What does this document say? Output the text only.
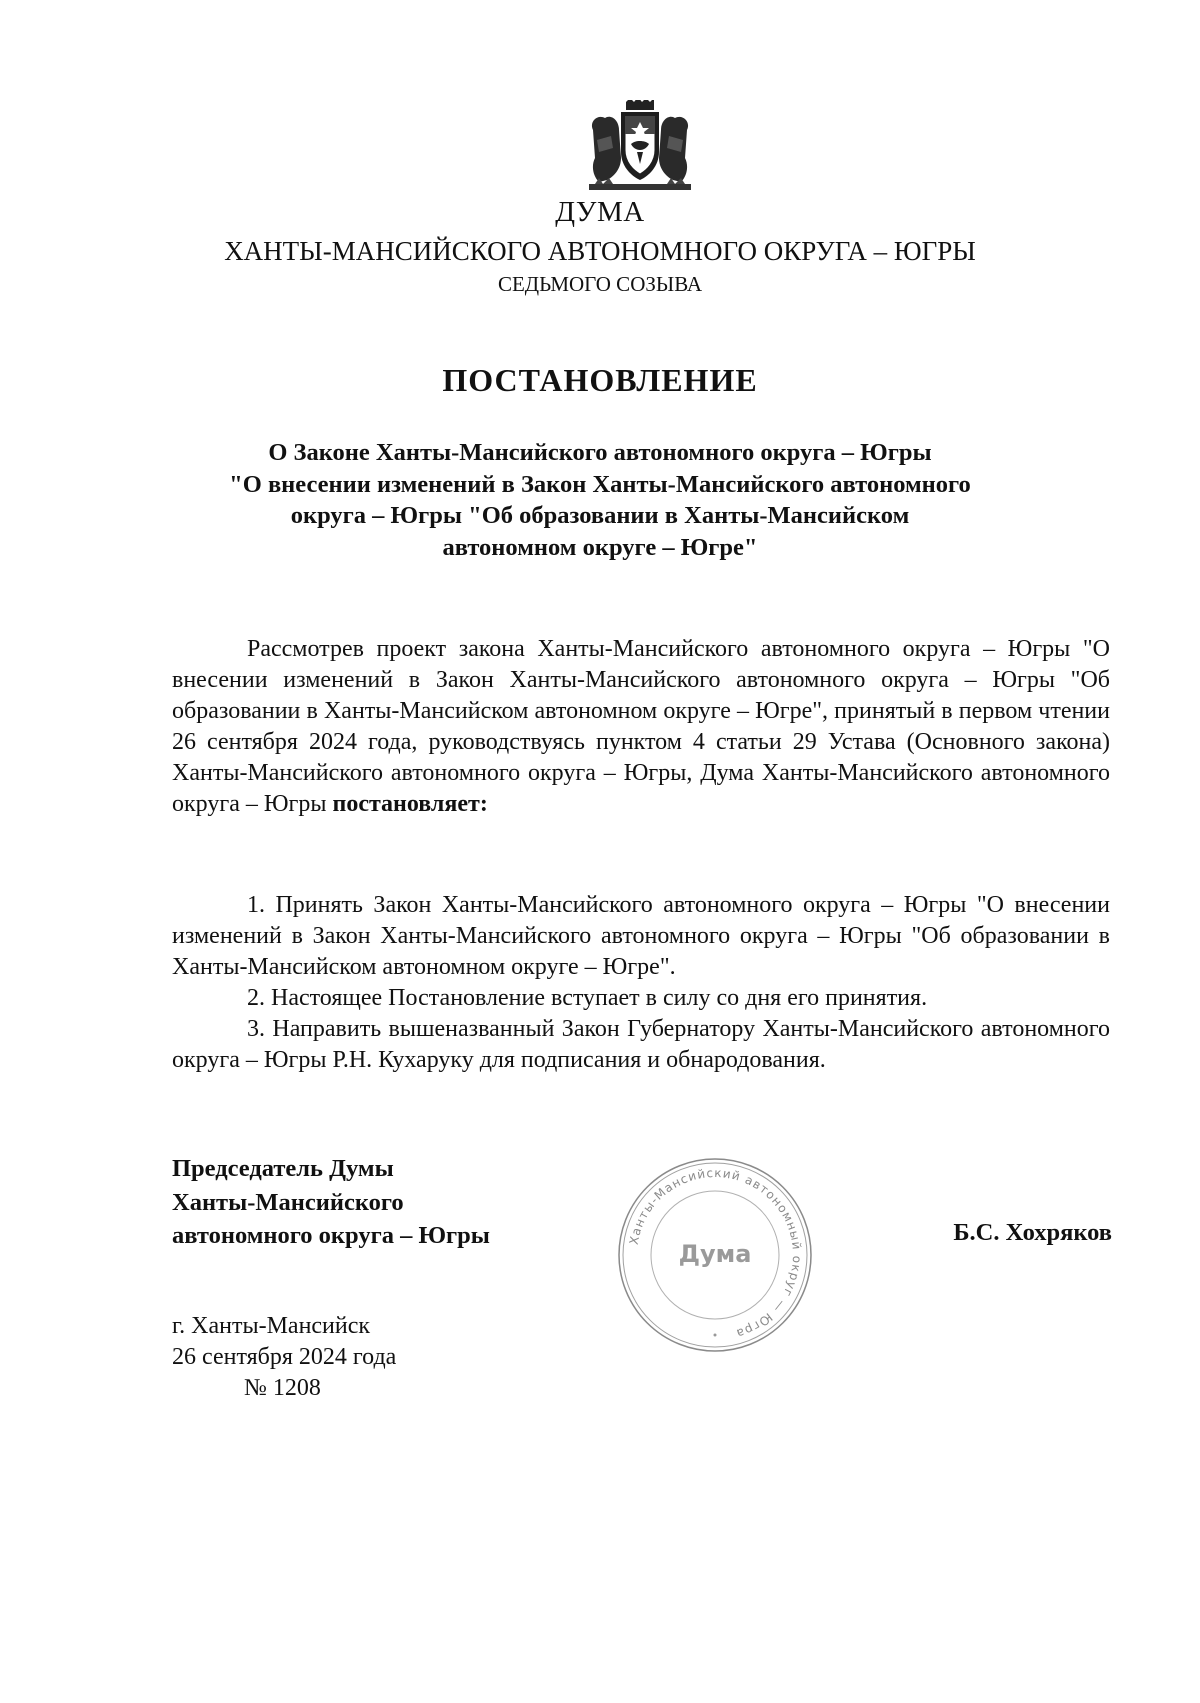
ДУМА
ХАНТЫ-МАНСИЙСКОГО АВТОНОМНОГО ОКРУГА – ЮГРЫ
СЕДЬМОГО СОЗЫВА
ПОСТАНОВЛЕНИЕ
О Законе Ханты-Мансийского автономного округа – Югры
"О внесении изменений в Закон Ханты-Мансийского автономного
округа – Югры "Об образовании в Ханты-Мансийском
автономном округе – Югре"

Рассмотрев проект закона Ханты-Мансийского автономного округа – Югры "О внесении изменений в Закон Ханты-Мансийского автономного округа – Югры "Об образовании в Ханты-Мансийском автономном округе – Югре", принятый в первом чтении 26 сентября 2024 года, руководствуясь пунктом 4 статьи 29 Устава (Основного закона) Ханты-Мансийского автономного округа – Югры, Дума Ханты-Мансийского автономного округа – Югры постановляет:

1. Принять Закон Ханты-Мансийского автономного округа – Югры "О внесении изменений в Закон Ханты-Мансийского автономного округа – Югры "Об образовании в Ханты-Мансийском автономном округе – Югре".

2. Настоящее Постановление вступает в силу со дня его принятия.

3. Направить вышеназванный Закон Губернатору Ханты-Мансийского автономного округа – Югры Р.Н. Кухаруку для подписания и обнародования.

Председатель Думы
Ханты-Мансийского
автономного округа – Югры	Ханты-Мансийский автономный округ — Югра
Дума
Б.С. Хохряков
г. Ханты-Мансийск
26 сентября 2024 года
№ 1208
